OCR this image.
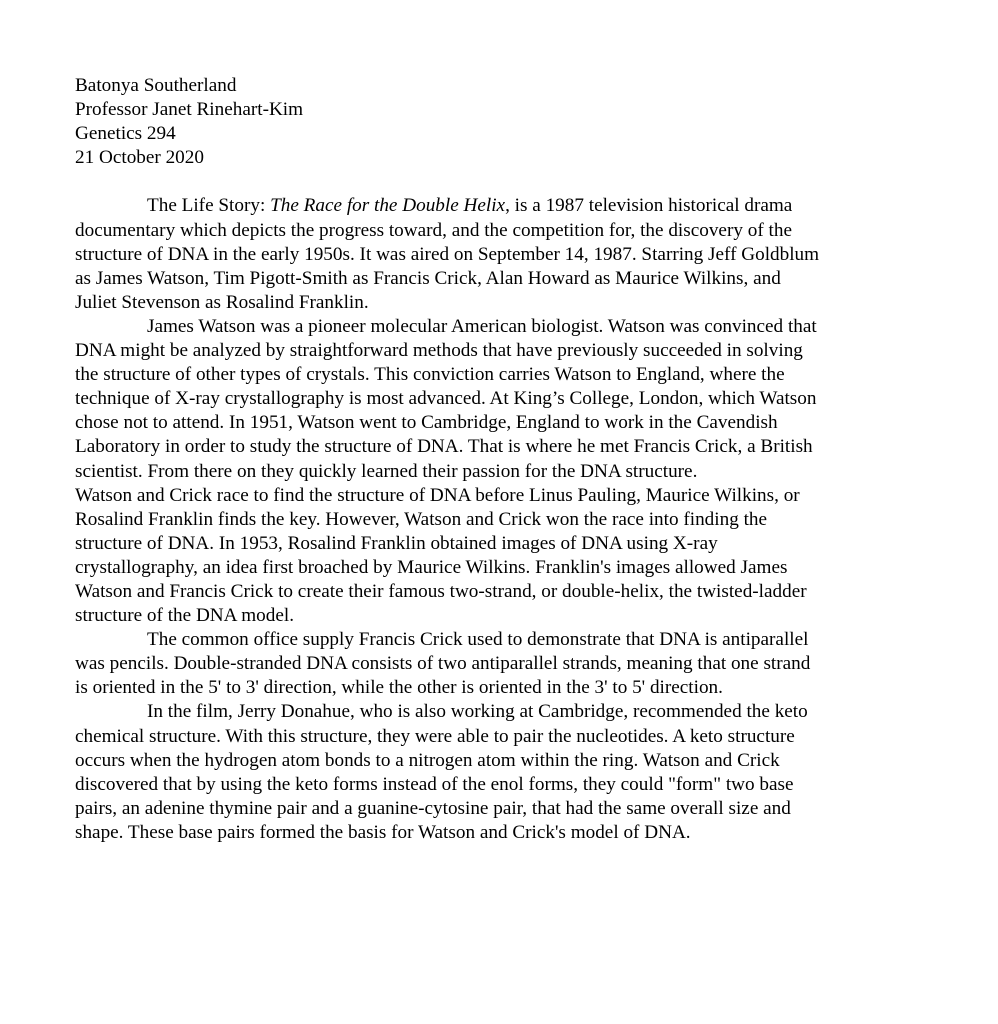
Batonya Southerland
Professor Janet Rinehart-Kim
Genetics 294
21 October 2020
The Life Story: The Race for the Double Helix, is a 1987 television historical drama
documentary which depicts the progress toward, and the competition for, the discovery of the
structure of DNA in the early 1950s. It was aired on September 14, 1987. Starring Jeff Goldblum
as James Watson, Tim Pigott-Smith as Francis Crick, Alan Howard as Maurice Wilkins, and
Juliet Stevenson as Rosalind Franklin.
James Watson was a pioneer molecular American biologist. Watson was convinced that
DNA might be analyzed by straightforward methods that have previously succeeded in solving
the structure of other types of crystals. This conviction carries Watson to England, where the
technique of X-ray crystallography is most advanced. At King’s College, London, which Watson
chose not to attend. In 1951, Watson went to Cambridge, England to work in the Cavendish
Laboratory in order to study the structure of DNA. That is where he met Francis Crick, a British
scientist. From there on they quickly learned their passion for the DNA structure.
Watson and Crick race to find the structure of DNA before Linus Pauling, Maurice Wilkins, or
Rosalind Franklin finds the key. However, Watson and Crick won the race into finding the
structure of DNA. In 1953, Rosalind Franklin obtained images of DNA using X-ray
crystallography, an idea first broached by Maurice Wilkins. Franklin's images allowed James
Watson and Francis Crick to create their famous two-strand, or double-helix, the twisted-ladder
structure of the DNA model.
The common office supply Francis Crick used to demonstrate that DNA is antiparallel
was pencils. Double-stranded DNA consists of two antiparallel strands, meaning that one strand
is oriented in the 5' to 3' direction, while the other is oriented in the 3' to 5' direction.
In the film, Jerry Donahue, who is also working at Cambridge, recommended the keto
chemical structure. With this structure, they were able to pair the nucleotides. A keto structure
occurs when the hydrogen atom bonds to a nitrogen atom within the ring. Watson and Crick
discovered that by using the keto forms instead of the enol forms, they could "form" two base
pairs, an adenine thymine pair and a guanine-cytosine pair, that had the same overall size and
shape. These base pairs formed the basis for Watson and Crick's model of DNA.
